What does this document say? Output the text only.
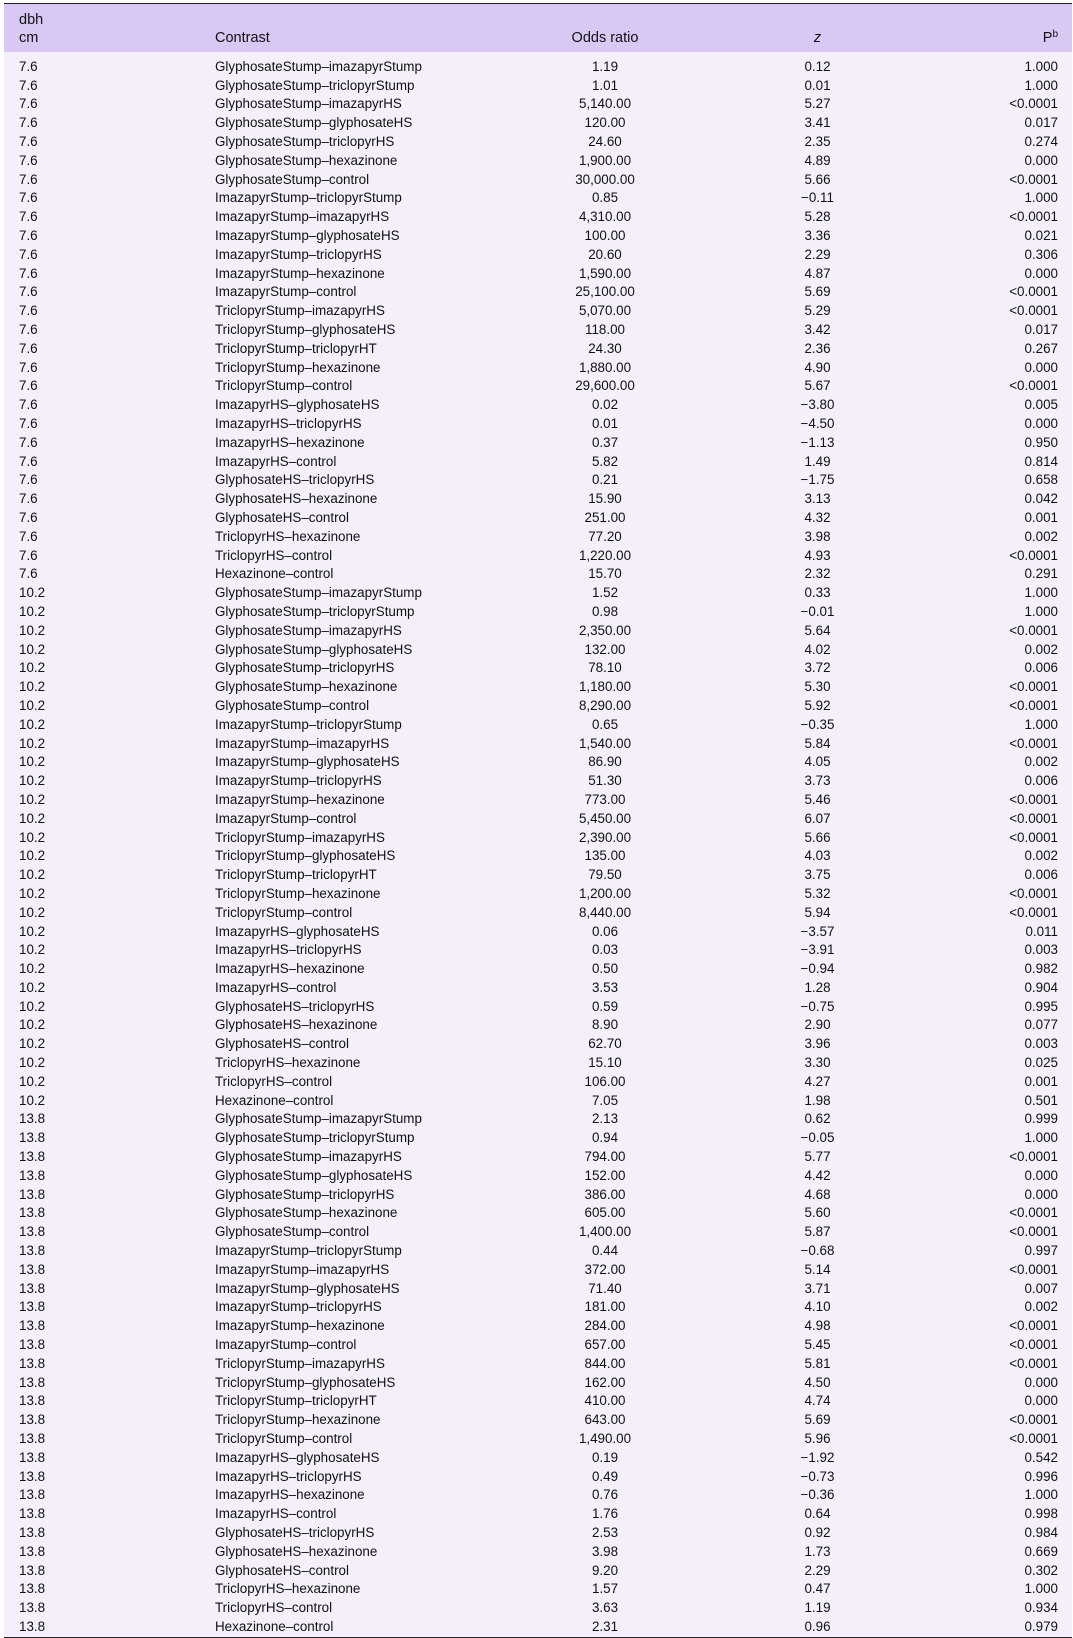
dbh
cm	Contrast	Odds ratio	z	$P^b$
7.6	GlyphosateStump–imazapyrStump	1.19	0.12	1.000
7.6	GlyphosateStump–triclopyrStump	1.01	0.01	1.000
7.6	GlyphosateStump–imazapyrHS	5,140.00	5.27	<0.0001
7.6	GlyphosateStump–glyphosateHS	120.00	3.41	0.017
7.6	GlyphosateStump–triclopyrHS	24.60	2.35	0.274
7.6	GlyphosateStump–hexazinone	1,900.00	4.89	0.000
7.6	GlyphosateStump–control	30,000.00	5.66	<0.0001
7.6	ImazapyrStump–triclopyrStump	0.85	−0.11	1.000
7.6	ImazapyrStump–imazapyrHS	4,310.00	5.28	<0.0001
7.6	ImazapyrStump–glyphosateHS	100.00	3.36	0.021
7.6	ImazapyrStump–triclopyrHS	20.60	2.29	0.306
7.6	ImazapyrStump–hexazinone	1,590.00	4.87	0.000
7.6	ImazapyrStump–control	25,100.00	5.69	<0.0001
7.6	TriclopyrStump–imazapyrHS	5,070.00	5.29	<0.0001
7.6	TriclopyrStump–glyphosateHS	118.00	3.42	0.017
7.6	TriclopyrStump–triclopyrHT	24.30	2.36	0.267
7.6	TriclopyrStump–hexazinone	1,880.00	4.90	0.000
7.6	TriclopyrStump–control	29,600.00	5.67	<0.0001
7.6	ImazapyrHS–glyphosateHS	0.02	−3.80	0.005
7.6	ImazapyrHS–triclopyrHS	0.01	−4.50	0.000
7.6	ImazapyrHS–hexazinone	0.37	−1.13	0.950
7.6	ImazapyrHS–control	5.82	1.49	0.814
7.6	GlyphosateHS–triclopyrHS	0.21	−1.75	0.658
7.6	GlyphosateHS–hexazinone	15.90	3.13	0.042
7.6	GlyphosateHS–control	251.00	4.32	0.001
7.6	TriclopyrHS–hexazinone	77.20	3.98	0.002
7.6	TriclopyrHS–control	1,220.00	4.93	<0.0001
7.6	Hexazinone–control	15.70	2.32	0.291
10.2	GlyphosateStump–imazapyrStump	1.52	0.33	1.000
10.2	GlyphosateStump–triclopyrStump	0.98	−0.01	1.000
10.2	GlyphosateStump–imazapyrHS	2,350.00	5.64	<0.0001
10.2	GlyphosateStump–glyphosateHS	132.00	4.02	0.002
10.2	GlyphosateStump–triclopyrHS	78.10	3.72	0.006
10.2	GlyphosateStump–hexazinone	1,180.00	5.30	<0.0001
10.2	GlyphosateStump–control	8,290.00	5.92	<0.0001
10.2	ImazapyrStump–triclopyrStump	0.65	−0.35	1.000
10.2	ImazapyrStump–imazapyrHS	1,540.00	5.84	<0.0001
10.2	ImazapyrStump–glyphosateHS	86.90	4.05	0.002
10.2	ImazapyrStump–triclopyrHS	51.30	3.73	0.006
10.2	ImazapyrStump–hexazinone	773.00	5.46	<0.0001
10.2	ImazapyrStump–control	5,450.00	6.07	<0.0001
10.2	TriclopyrStump–imazapyrHS	2,390.00	5.66	<0.0001
10.2	TriclopyrStump–glyphosateHS	135.00	4.03	0.002
10.2	TriclopyrStump–triclopyrHT	79.50	3.75	0.006
10.2	TriclopyrStump–hexazinone	1,200.00	5.32	<0.0001
10.2	TriclopyrStump–control	8,440.00	5.94	<0.0001
10.2	ImazapyrHS–glyphosateHS	0.06	−3.57	0.011
10.2	ImazapyrHS–triclopyrHS	0.03	−3.91	0.003
10.2	ImazapyrHS–hexazinone	0.50	−0.94	0.982
10.2	ImazapyrHS–control	3.53	1.28	0.904
10.2	GlyphosateHS–triclopyrHS	0.59	−0.75	0.995
10.2	GlyphosateHS–hexazinone	8.90	2.90	0.077
10.2	GlyphosateHS–control	62.70	3.96	0.003
10.2	TriclopyrHS–hexazinone	15.10	3.30	0.025
10.2	TriclopyrHS–control	106.00	4.27	0.001
10.2	Hexazinone–control	7.05	1.98	0.501
13.8	GlyphosateStump–imazapyrStump	2.13	0.62	0.999
13.8	GlyphosateStump–triclopyrStump	0.94	−0.05	1.000
13.8	GlyphosateStump–imazapyrHS	794.00	5.77	<0.0001
13.8	GlyphosateStump–glyphosateHS	152.00	4.42	0.000
13.8	GlyphosateStump–triclopyrHS	386.00	4.68	0.000
13.8	GlyphosateStump–hexazinone	605.00	5.60	<0.0001
13.8	GlyphosateStump–control	1,400.00	5.87	<0.0001
13.8	ImazapyrStump–triclopyrStump	0.44	−0.68	0.997
13.8	ImazapyrStump–imazapyrHS	372.00	5.14	<0.0001
13.8	ImazapyrStump–glyphosateHS	71.40	3.71	0.007
13.8	ImazapyrStump–triclopyrHS	181.00	4.10	0.002
13.8	ImazapyrStump–hexazinone	284.00	4.98	<0.0001
13.8	ImazapyrStump–control	657.00	5.45	<0.0001
13.8	TriclopyrStump–imazapyrHS	844.00	5.81	<0.0001
13.8	TriclopyrStump–glyphosateHS	162.00	4.50	0.000
13.8	TriclopyrStump–triclopyrHT	410.00	4.74	0.000
13.8	TriclopyrStump–hexazinone	643.00	5.69	<0.0001
13.8	TriclopyrStump–control	1,490.00	5.96	<0.0001
13.8	ImazapyrHS–glyphosateHS	0.19	−1.92	0.542
13.8	ImazapyrHS–triclopyrHS	0.49	−0.73	0.996
13.8	ImazapyrHS–hexazinone	0.76	−0.36	1.000
13.8	ImazapyrHS–control	1.76	0.64	0.998
13.8	GlyphosateHS–triclopyrHS	2.53	0.92	0.984
13.8	GlyphosateHS–hexazinone	3.98	1.73	0.669
13.8	GlyphosateHS–control	9.20	2.29	0.302
13.8	TriclopyrHS–hexazinone	1.57	0.47	1.000
13.8	TriclopyrHS–control	3.63	1.19	0.934
13.8	Hexazinone–control	2.31	0.96	0.979
